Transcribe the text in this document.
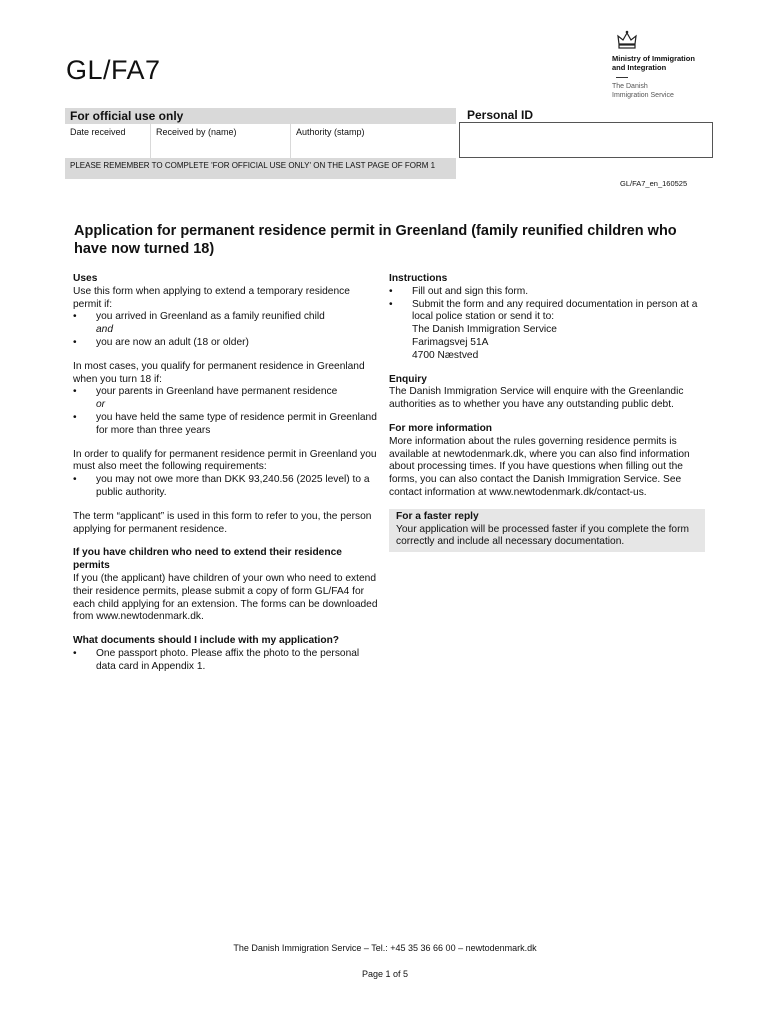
GL/FA7	Ministry of Immigration
and Integration
The Danish
Immigration Service
For official use only
Date received	Received by (name)	Authority (stamp)
PLEASE REMEMBER TO COMPLETE 'FOR OFFICIAL USE ONLY' ON THE LAST PAGE OF FORM 1
Personal ID
GL/FA7_en_160525
Application for permanent residence permit in Greenland (family reunified children who have now turned 18)
Uses

Use this form when applying to extend a temporary residence permit if:

• you arrived in Greenland as a family reunified child
and
• you are now an adult (18 or older)

In most cases, you qualify for permanent residence in Greenland when you turn 18 if:

• your parents in Greenland have permanent residence
or
• you have held the same type of residence permit in Greenland for more than three years

In order to qualify for permanent residence permit in Greenland you must also meet the following requirements:

• you may not owe more than DKK 93,240.56 (2025 level) to a public authority.

The term “applicant” is used in this form to refer to you, the person applying for permanent residence.

If you have children who need to extend their residence permits

If you (the applicant) have children of your own who need to extend their residence permits, please submit a copy of form GL/FA4 for each child applying for an extension. The forms can be downloaded from www.newtodenmark.dk.

What documents should I include with my application?
• One passport photo. Please affix the photo to the personal data card in Appendix 1.
Instructions
• Fill out and sign this form.
• Submit the form and any required documentation in person at a local police station or send it to:
The Danish Immigration Service
Farimagsvej 51A
4700 Næstved
Enquiry

The Danish Immigration Service will enquire with the Greenlandic authorities as to whether you have any outstanding public debt.

For more information

More information about the rules governing residence permits is available at newtodenmark.dk, where you can also find information about processing times. If you have questions when filling out the forms, you can also contact the Danish Immigration Service. See contact information at www.newtodenmark.dk/contact-us.

For a faster reply

Your application will be processed faster if you complete the form correctly and include all necessary documentation.

The Danish Immigration Service – Tel.: +45 35 36 66 00 – newtodenmark.dk
Page 1 of 5
